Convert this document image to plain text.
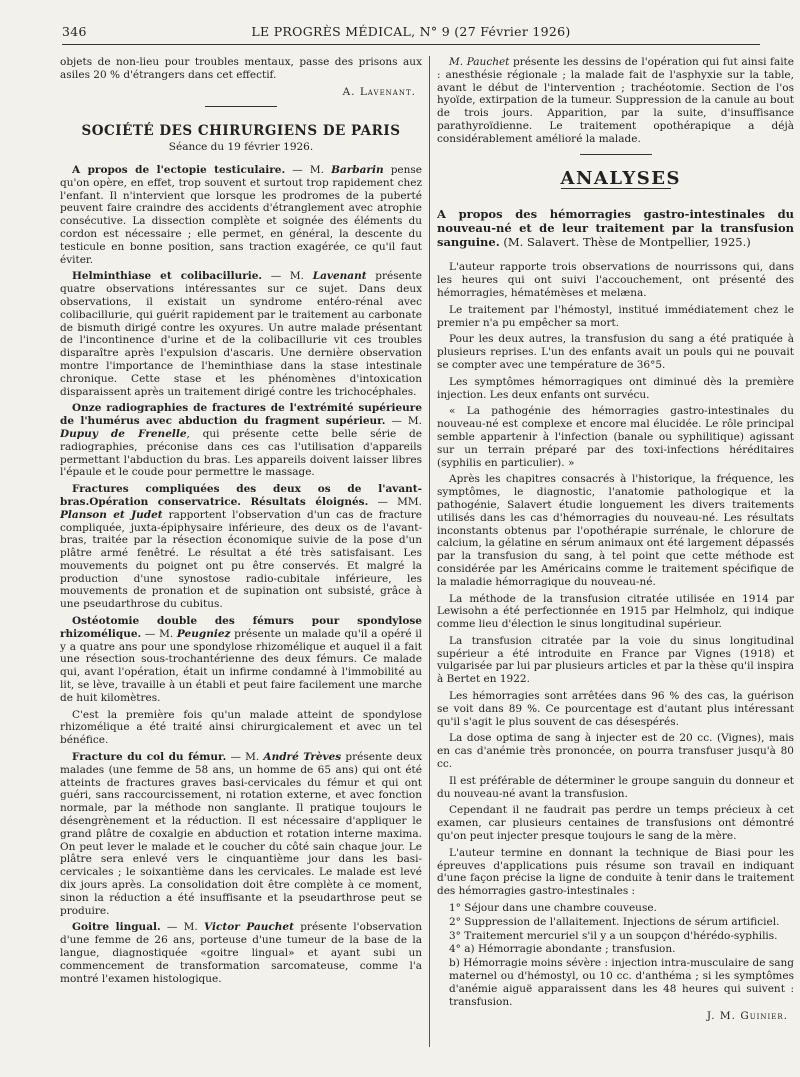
346	LE PROGRÈS MÉDICAL, N° 9 (27 Février 1926)

objets de non-lieu pour troubles mentaux, passe des prisons aux asiles 20 % d'étrangers dans cet effectif.

A. Lavenant.
SOCIÉTÉ DES CHIRURGIENS DE PARIS
Séance du 19 février 1926.

A propos de l'ectopie testiculaire. — M. Barbarin pense qu'on opère, en effet, trop souvent et surtout trop rapidement chez l'enfant. Il n'intervient que lorsque les prodromes de la puberté peuvent faire craindre des accidents d'étranglement avec atrophie consécutive. La dissection complète et soignée des éléments du cordon est nécessaire ; elle permet, en général, la descente du testicule en bonne position, sans traction exagérée, ce qu'il faut éviter.

Helminthiase et colibacillurie. — M. Lavenant présente quatre observations intéressantes sur ce sujet. Dans deux observations, il existait un syndrome entéro-rénal avec colibacillurie, qui guérit rapidement par le traitement au carbonate de bismuth dirigé contre les oxyures. Un autre malade présentant de l'incontinence d'urine et de la colibacillurie vit ces troubles disparaître après l'expulsion d'ascaris. Une dernière observation montre l'importance de l'heminthiase dans la stase intestinale chronique. Cette stase et les phénomènes d'intoxication disparaissent après un traitement dirigé contre les trichocéphales.

Onze radiographies de fractures de l'extrémité supérieure de l'humérus avec abduction du fragment supérieur. — M. Dupuy de Frenelle, qui présente cette belle série de radiographies, préconise dans ces cas l'utilisation d'appareils permettant l'abduction du bras. Les appareils doivent laisser libres l'épaule et le coude pour permettre le massage.

Fractures compliquées des deux os de l'avant-bras.Opération conservatrice. Résultats éloignés. — MM. Planson et Judet rapportent l'observation d'un cas de fracture compliquée, juxta-épiphysaire inférieure, des deux os de l'avant-bras, traitée par la résection économique suivie de la pose d'un plâtre armé fenêtré. Le résultat a été très satisfaisant. Les mouvements du poignet ont pu être conservés. Et malgré la production d'une synostose radio-cubitale inférieure, les mouvements de pronation et de supination ont subsisté, grâce à une pseudarthrose du cubitus.

Ostéotomie double des fémurs pour spondylose rhizomélique. — M. Peugniez présente un malade qu'il a opéré il y a quatre ans pour une spondylose rhizomélique et auquel il a fait une résection sous-trochantérienne des deux fémurs. Ce malade qui, avant l'opération, était un infirme condamné à l'immobilité au lit, se lève, travaille à un établi et peut faire facilement une marche de huit kilomètres.

C'est la première fois qu'un malade atteint de spondylose rhizomélique a été traité ainsi chirurgicalement et avec un tel bénéfice.

Fracture du col du fémur. — M. André Trèves présente deux malades (une femme de 58 ans, un homme de 65 ans) qui ont été atteints de fractures graves basi-cervicales du fémur et qui ont guéri, sans raccourcissement, ni rotation externe, et avec fonction normale, par la méthode non sanglante. Il pratique toujours le désengrènement et la réduction. Il est nécessaire d'appliquer le grand plâtre de coxalgie en abduction et rotation interne maxima. On peut lever le malade et le coucher du côté sain chaque jour. Le plâtre sera enlevé vers le cinquantième jour dans les basi-cervicales ; le soixantième dans les cervicales. Le malade est levé dix jours après. La consolidation doit être complète à ce moment, sinon la réduction a été insuffisante et la pseudarthrose peut se produire.

Goitre lingual. — M. Victor Pauchet présente l'observation d'une femme de 26 ans, porteuse d'une tumeur de la base de la langue, diagnostiquée «goitre lingual» et ayant subi un commencement de transformation sarcomateuse, comme l'a montré l'examen histologique.

M. Pauchet présente les dessins de l'opération qui fut ainsi faite : anesthésie régionale ; la malade fait de l'asphyxie sur la table, avant le début de l'intervention ; trachéotomie. Section de l'os hyoïde, extirpation de la tumeur. Suppression de la canule au bout de trois jours. Apparition, par la suite, d'insuffisance parathyroïdienne. Le traitement opothérapique a déjà considérablement amélioré la malade.

ANALYSES
A propos des hémorragies gastro-intestinales du nouveau-né et de leur traitement par la transfusion sanguine. (M. Salavert. Thèse de Montpellier, 1925.)

L'auteur rapporte trois observations de nourrissons qui, dans les heures qui ont suivi l'accouchement, ont présenté des hémorragies, hématémèses et melæna.

Le traitement par l'hémostyl, institué immédiatement chez le premier n'a pu empêcher sa mort.

Pour les deux autres, la transfusion du sang a été pratiquée à plusieurs reprises. L'un des enfants avait un pouls qui ne pouvait se compter avec une température de 36°5.

Les symptômes hémorragiques ont diminué dès la première injection. Les deux enfants ont survécu.

« La pathogénie des hémorragies gastro-intestinales du nouveau-né est complexe et encore mal élucidée. Le rôle principal semble appartenir à l'infection (banale ou syphilitique) agissant sur un terrain préparé par des toxi-infections héréditaires (syphilis en particulier). »

Après les chapitres consacrés à l'historique, la fréquence, les symptômes, le diagnostic, l'anatomie pathologique et la pathogénie, Salavert étudie longuement les divers traitements utilisés dans les cas d'hémorragies du nouveau-né. Les résultats inconstants obtenus par l'opothérapie surrénale, le chlorure de calcium, la gélatine en sérum animaux ont été largement dépassés par la transfusion du sang, à tel point que cette méthode est considérée par les Américains comme le traitement spécifique de la maladie hémorragique du nouveau-né.

La méthode de la transfusion citratée utilisée en 1914 par Lewisohn a été perfectionnée en 1915 par Helmholz, qui indique comme lieu d'élection le sinus longitudinal supérieur.

La transfusion citratée par la voie du sinus longitudinal supérieur a été introduite en France par Vignes (1918) et vulgarisée par lui par plusieurs articles et par la thèse qu'il inspira à Bertet en 1922.

Les hémorragies sont arrêtées dans 96 % des cas, la guérison se voit dans 89 %. Ce pourcentage est d'autant plus intéressant qu'il s'agit le plus souvent de cas désespérés.

La dose optima de sang à injecter est de 20 cc. (Vignes), mais en cas d'anémie très prononcée, on pourra transfuser jusqu'à 80 cc.

Il est préférable de déterminer le groupe sanguin du donneur et du nouveau-né avant la transfusion.

Cependant il ne faudrait pas perdre un temps précieux à cet examen, car plusieurs centaines de transfusions ont démontré qu'on peut injecter presque toujours le sang de la mère.

L'auteur termine en donnant la technique de Biasi pour les épreuves d'applications puis résume son travail en indiquant d'une façon précise la ligne de conduite à tenir dans le traitement des hémorragies gastro-intestinales :

1° Séjour dans une chambre couveuse.

2° Suppression de l'allaitement. Injections de sérum artificiel.

3° Traitement mercuriel s'il y a un soupçon d'hérédo-syphilis.

4° a) Hémorragie abondante ; transfusion.

b) Hémorragie moins sévère : injection intra-musculaire de sang maternel ou d'hémostyl, ou 10 cc. d'anthéma ; si les symptômes d'anémie aiguë apparaissent dans les 48 heures qui suivent : transfusion.

J. M. Guinier.
